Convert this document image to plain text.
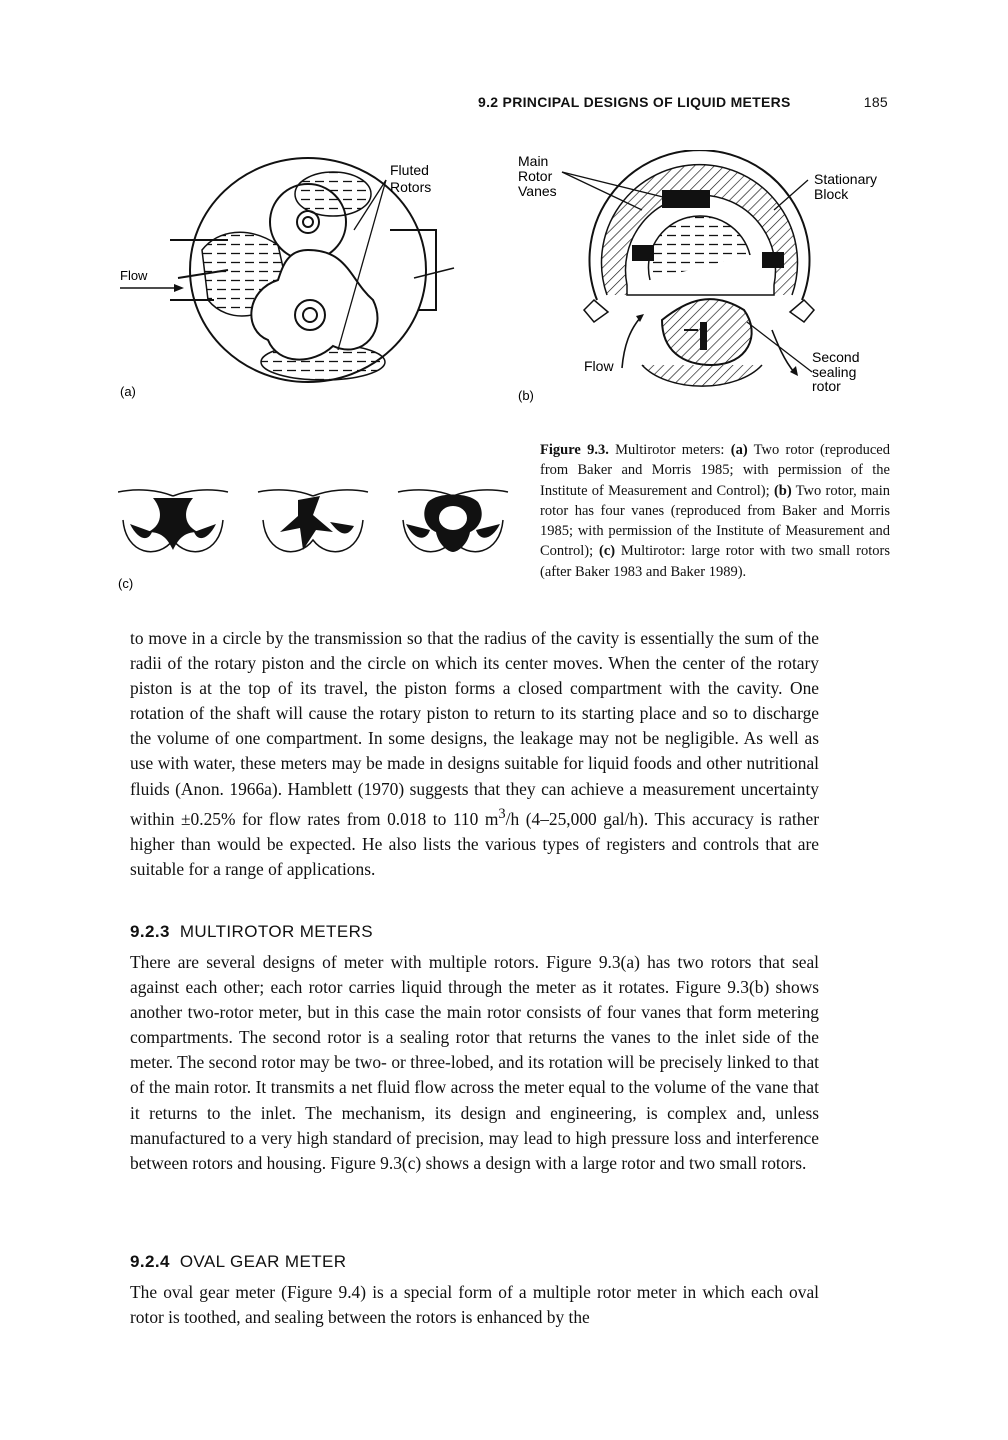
9.2 PRINCIPAL DESIGNS OF LIQUID METERS	185
Fluted
Rotors
Flow
(a)
Main
Rotor
Vanes
Stationary
Block
Second
sealing
rotor
Flow
(b)
(c)
Figure 9.3. Multirotor meters: (a) Two rotor (reproduced from Baker and Morris 1985; with permission of the Institute of Measurement and Control); (b) Two rotor, main rotor has four vanes (reproduced from Baker and Morris 1985; with permission of the Institute of Measurement and Control); (c) Multirotor: large rotor with two small rotors (after Baker 1983 and Baker 1989).

to move in a circle by the transmission so that the radius of the cavity is essentially the sum of the radii of the rotary piston and the circle on which its center moves. When the center of the rotary piston is at the top of its travel, the piston forms a closed compartment with the cavity. One rotation of the shaft will cause the rotary piston to return to its starting place and so to discharge the volume of one compartment. In some designs, the leakage may not be negligible. As well as use with water, these meters may be made in designs suitable for liquid foods and other nutritional fluids (Anon. 1966a). Hamblett (1970) suggests that they can achieve a measurement uncertainty within ±0.25% for flow rates from 0.018 to 110 $m^3/h$ (4–25,000 gal/h). This accuracy is rather higher than would be expected. He also lists the various types of registers and controls that are suitable for a range of applications.

9.2.3 MULTIROTOR METERS

There are several designs of meter with multiple rotors. Figure 9.3(a) has two rotors that seal against each other; each rotor carries liquid through the meter as it rotates. Figure 9.3(b) shows another two-rotor meter, but in this case the main rotor consists of four vanes that form metering compartments. The second rotor is a sealing rotor that returns the vanes to the inlet side of the meter. The second rotor may be two- or three-lobed, and its rotation will be precisely linked to that of the main rotor. It transmits a net fluid flow across the meter equal to the volume of the vane that it returns to the inlet. The mechanism, its design and engineering, is complex and, unless manufactured to a very high standard of precision, may lead to high pressure loss and interference between rotors and housing. Figure 9.3(c) shows a design with a large rotor and two small rotors.

9.2.4 OVAL GEAR METER

The oval gear meter (Figure 9.4) is a special form of a multiple rotor meter in which each oval rotor is toothed, and sealing between the rotors is enhanced by the
